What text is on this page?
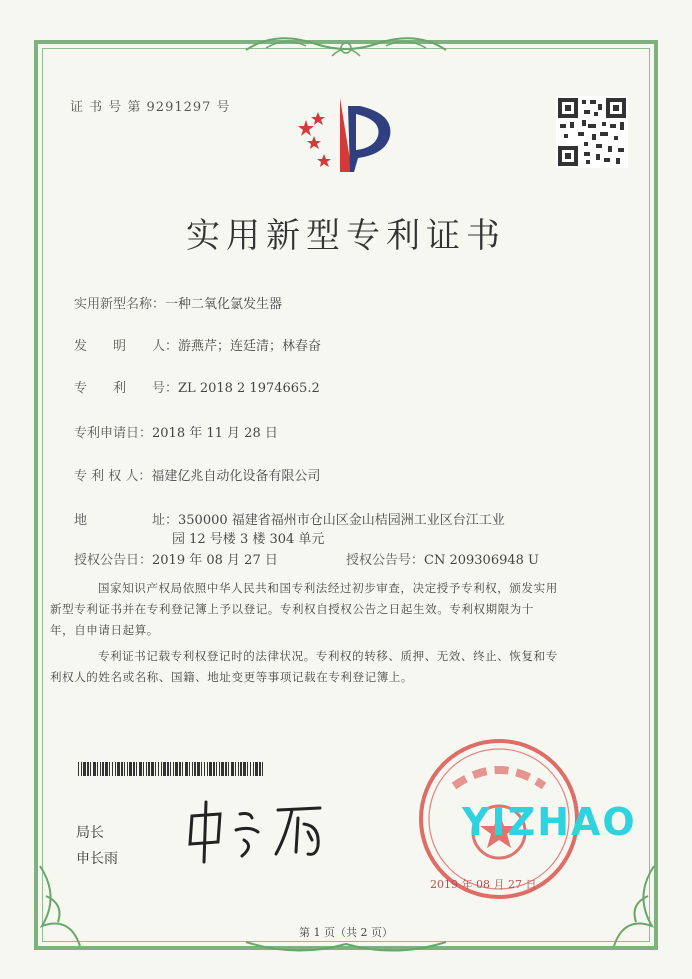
证 书 号 第 9291297 号
实用新型专利证书
实用新型名称：一种二氧化氯发生器
发　　明　　人：游燕芹；连廷清；林春奋
专　　利　　号：ZL 2018 2 1974665.2
专利申请日：2018 年 11 月 28 日
专 利 权 人：福建亿兆自动化设备有限公司
地　　　　　址：350000 福建省福州市仓山区金山桔园洲工业区台江工业
园 12 号楼 3 楼 304 单元
授权公告日：2019 年 08 月 27 日	授权公告号：CN 209306948 U
国家知识产权局依照中华人民共和国专利法经过初步审查，决定授予专利权，颁发实用
新型专利证书并在专利登记簿上予以登记。专利权自授权公告之日起生效。专利权期限为十
年，自申请日起算。
专利证书记载专利权登记时的法律状况。专利权的转移、质押、无效、终止、恢复和专
利权人的姓名或名称、国籍、地址变更等事项记载在专利登记簿上。
局长
申长雨
2019 年 08 月 27 日
YIZHAO
第 1 页（共 2 页）
